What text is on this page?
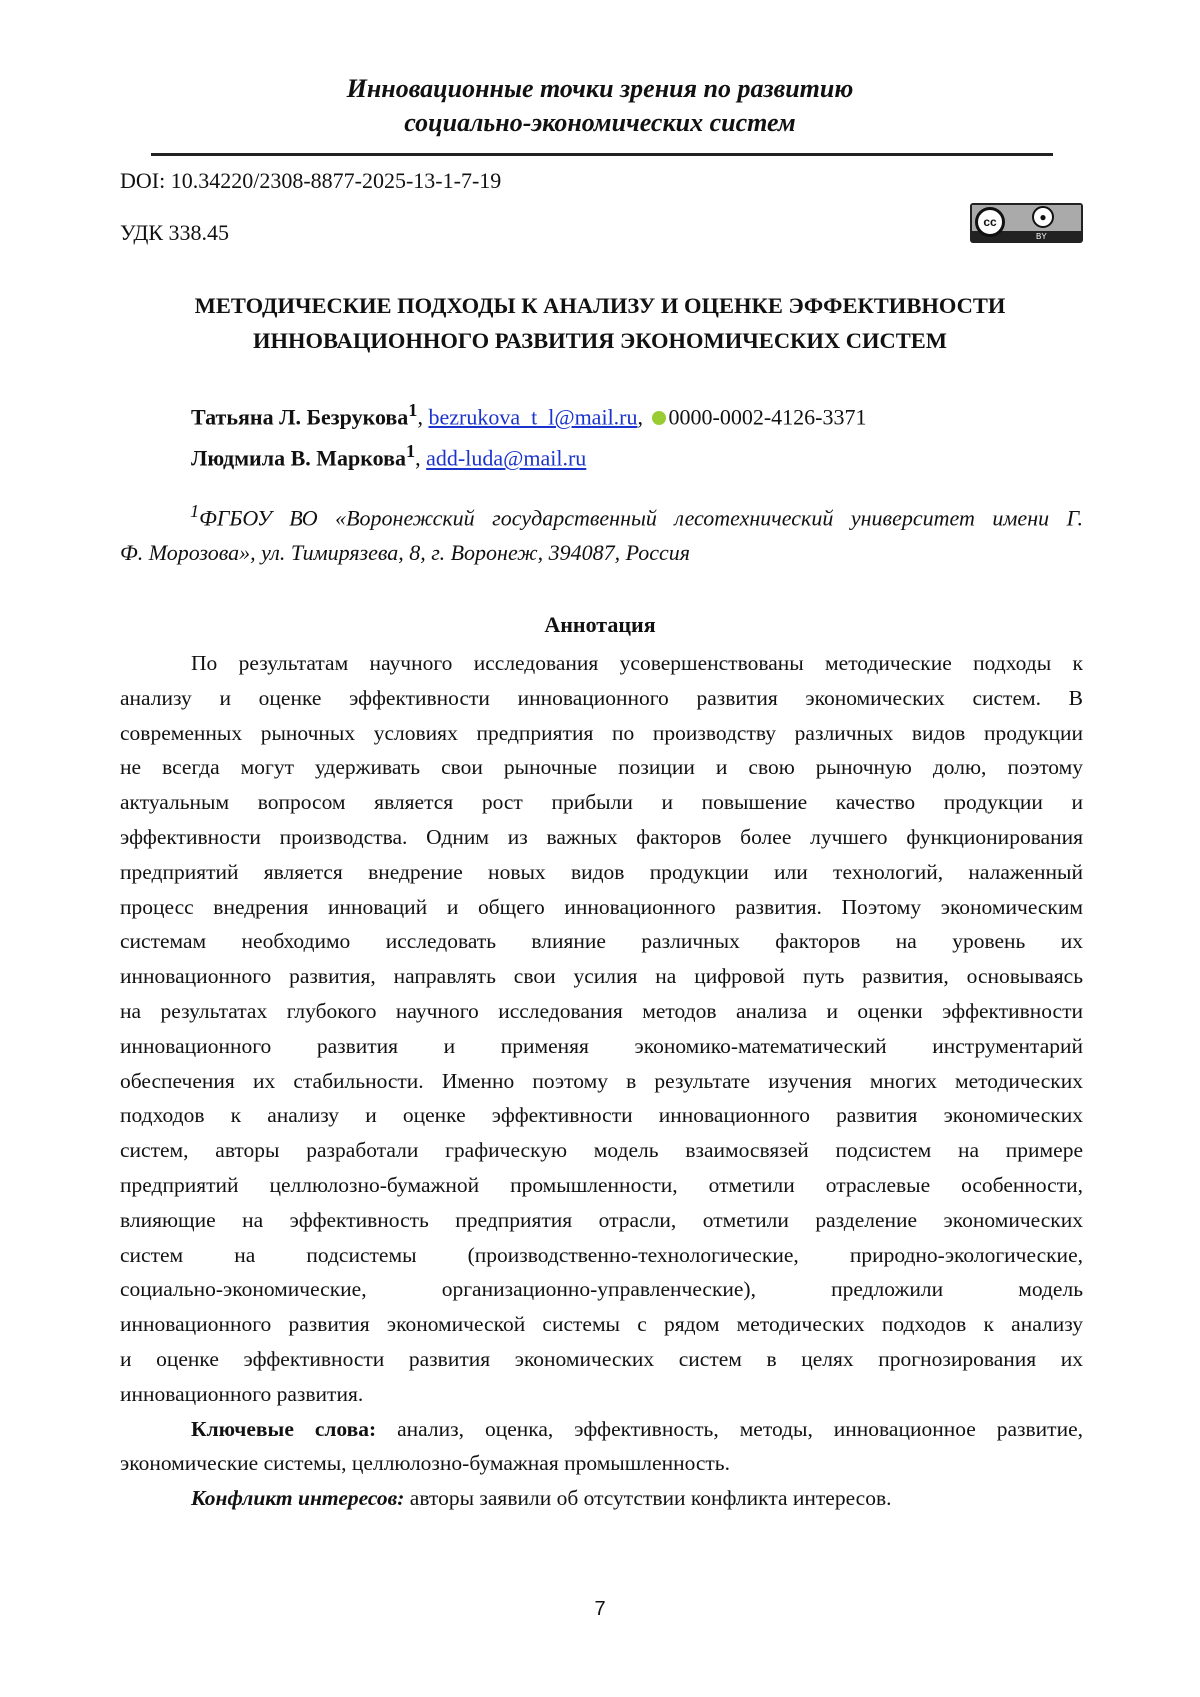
Инновационные точки зрения по развитию
социально-экономических систем
DOI: 10.34220/2308-8877-2025-13-1-7-19
УДК 338.45	cc	●
BY
МЕТОДИЧЕСКИЕ ПОДХОДЫ К АНАЛИЗУ И ОЦЕНКЕ ЭФФЕКТИВНОСТИ
ИННОВАЦИОННОГО РАЗВИТИЯ ЭКОНОМИЧЕСКИХ СИСТЕМ
Татьяна Л. Безрукова$^1$, bezrukova_t_l@mail.ru, 0000-0002-4126-3371
Людмила В. Маркова$^1$, add-luda@mail.ru
$^1$ФГБОУ ВО «Воронежский государственный лесотехнический университет имени Г.
Ф. Морозова», ул. Тимирязева, 8, г. Воронеж, 394087, Россия
Аннотация
По результатам научного исследования усовершенствованы методические подходы к
анализу и оценке эффективности инновационного развития экономических систем. В
современных рыночных условиях предприятия по производству различных видов продукции
не всегда могут удерживать свои рыночные позиции и свою рыночную долю, поэтому
актуальным вопросом является рост прибыли и повышение качество продукции и
эффективности производства. Одним из важных факторов более лучшего функционирования
предприятий является внедрение новых видов продукции или технологий, налаженный
процесс внедрения инноваций и общего инновационного развития. Поэтому экономическим
системам необходимо исследовать влияние различных факторов на уровень их
инновационного развития, направлять свои усилия на цифровой путь развития, основываясь
на результатах глубокого научного исследования методов анализа и оценки эффективности
инновационного развития и применяя экономико-математический инструментарий
обеспечения их стабильности. Именно поэтому в результате изучения многих методических
подходов к анализу и оценке эффективности инновационного развития экономических
систем, авторы разработали графическую модель взаимосвязей подсистем на примере
предприятий целлюлозно-бумажной промышленности, отметили отраслевые особенности,
влияющие на эффективность предприятия отрасли, отметили разделение экономических
систем на подсистемы (производственно-технологические, природно-экологические,
социально-экономические, организационно-управленческие), предложили модель
инновационного развития экономической системы с рядом методических подходов к анализу
и оценке эффективности развития экономических систем в целях прогнозирования их
инновационного развития.
Ключевые слова: анализ, оценка, эффективность, методы, инновационное развитие,
экономические системы, целлюлозно-бумажная промышленность.
Конфликт интересов: авторы заявили об отсутствии конфликта интересов.
7
